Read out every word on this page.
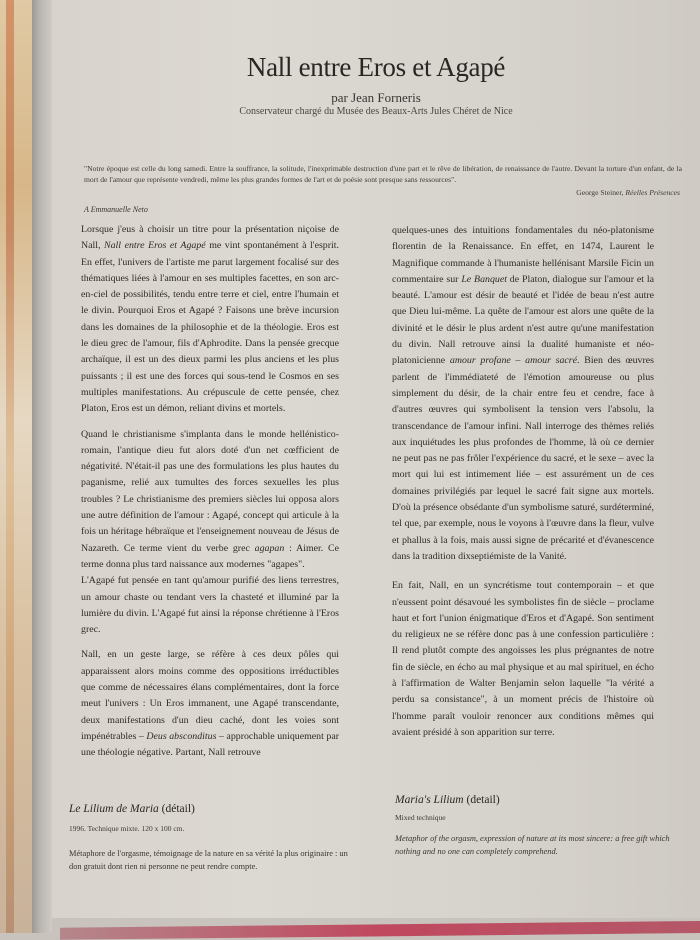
Nall entre Eros et Agapé
par Jean Forneris
Conservateur chargé du Musée des Beaux-Arts Jules Chéret de Nice
"Notre époque est celle du long samedi. Entre la souffrance, la solitude, l'inexprimable destruction d'une part et le rêve de libération, de renaissance de l'autre. Devant la torture d'un enfant, de la mort de l'amour que représente vendredi, même les plus grandes formes de l'art et de poésie sont presque sans ressources".
George Steiner, Réelles Présences
A Emmanuelle Neto

Lorsque j'eus à choisir un titre pour la présentation niçoise de Nall, Nall entre Eros et Agapé me vint spontanément à l'esprit. En effet, l'univers de l'artiste me parut largement focalisé sur des thématiques liées à l'amour en ses multiples facettes, en son arc-en-ciel de possibilités, tendu entre terre et ciel, entre l'humain et le divin. Pourquoi Eros et Agapé ? Faisons une brève incursion dans les domaines de la philosophie et de la théologie. Eros est le dieu grec de l'amour, fils d'Aphrodite. Dans la pensée grecque archaïque, il est un des dieux parmi les plus anciens et les plus puissants ; il est une des forces qui sous-tend le Cosmos en ses multiples manifestations. Au crépuscule de cette pensée, chez Platon, Eros est un démon, reliant divins et mortels.

Quand le christianisme s'implanta dans le monde hellénistico-romain, l'antique dieu fut alors doté d'un net cœfficient de négativité. N'était-il pas une des formulations les plus hautes du paganisme, relié aux tumultes des forces sexuelles les plus troubles ? Le christianisme des premiers siècles lui opposa alors une autre définition de l'amour : Agapé, concept qui articule à la fois un héritage hébraïque et l'enseignement nouveau de Jésus de Nazareth. Ce terme vient du verbe grec agapan : Aimer. Ce terme donna plus tard naissance aux modernes "agapes".

L'Agapé fut pensée en tant qu'amour purifié des liens terrestres, un amour chaste ou tendant vers la chasteté et illuminé par la lumière du divin. L'Agapé fut ainsi la réponse chrétienne à l'Eros grec.

Nall, en un geste large, se réfère à ces deux pôles qui apparaissent alors moins comme des oppositions irréductibles que comme de nécessaires élans complémentaires, dont la force meut l'univers : Un Eros immanent, une Agapé transcendante, deux manifestations d'un dieu caché, dont les voies sont impénétrables – Deus absconditus – approchable uniquement par une théologie négative. Partant, Nall retrouve

quelques-unes des intuitions fondamentales du néo-platonisme florentin de la Renaissance. En effet, en 1474, Laurent le Magnifique commande à l'humaniste hellénisant Marsile Ficin un commentaire sur Le Banquet de Platon, dialogue sur l'amour et la beauté. L'amour est désir de beauté et l'idée de beau n'est autre que Dieu lui-même. La quête de l'amour est alors une quête de la divinité et le désir le plus ardent n'est autre qu'une manifestation du divin. Nall retrouve ainsi la dualité humaniste et néo-platonicienne amour profane – amour sacré. Bien des œuvres parlent de l'immédiateté de l'émotion amoureuse ou plus simplement du désir, de la chair entre feu et cendre, face à d'autres œuvres qui symbolisent la tension vers l'absolu, la transcendance de l'amour infini. Nall interroge des thèmes reliés aux inquiétudes les plus profondes de l'homme, là où ce dernier ne peut pas ne pas frôler l'expérience du sacré, et le sexe – avec la mort qui lui est intimement liée – est assurément un de ces domaines privilégiés par lequel le sacré fait signe aux mortels. D'où la présence obsédante d'un symbolisme saturé, surdéterminé, tel que, par exemple, nous le voyons à l'œuvre dans la fleur, vulve et phallus à la fois, mais aussi signe de précarité et d'évanescence dans la tradition dixseptiémiste de la Vanité.

En fait, Nall, en un syncrétisme tout contemporain – et que n'eussent point désavoué les symbolistes fin de siècle – proclame haut et fort l'union énigmatique d'Eros et d'Agapé. Son sentiment du religieux ne se réfère donc pas à une confession particulière : Il rend plutôt compte des angoisses les plus prégnantes de notre fin de siècle, en écho au mal physique et au mal spirituel, en écho à l'affirmation de Walter Benjamin selon laquelle "la vérité a perdu sa consistance", à un moment précis de l'histoire où l'homme paraît vouloir renoncer aux conditions mêmes qui avaient présidé à son apparition sur terre.

Le Lilium de Maria (détail)
1996. Technique mixte. 120 x 100 cm.
Métaphore de l'orgasme, témoignage de la nature en sa vérité la plus originaire : un don gratuit dont rien ni personne ne peut rendre compte.
Maria's Lilium (detail)
Mixed technique
Metaphor of the orgasm, expression of nature at its most sincere: a free gift which nothing and no one can completely comprehend.
